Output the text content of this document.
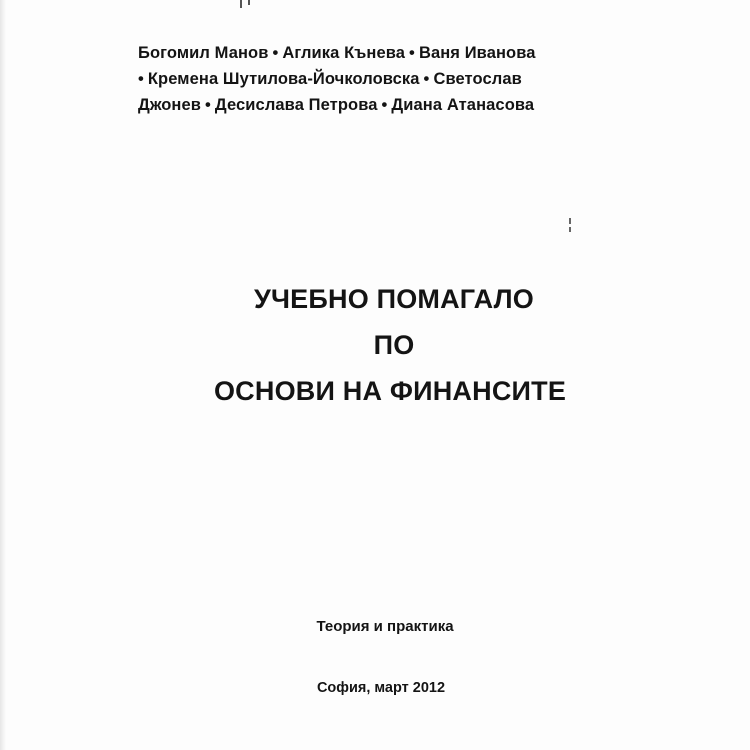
Богомил Манов • Аглика Кънева • Ваня Иванова
• Кремена Шутилова-Йочколовска • Светослав
Джонев • Десислава Петрова • Диана Атанасова
УЧЕБНО ПОМАГАЛО
ПО
ОСНОВИ НА ФИНАНСИТЕ
Теория и практика
София, март 2012
